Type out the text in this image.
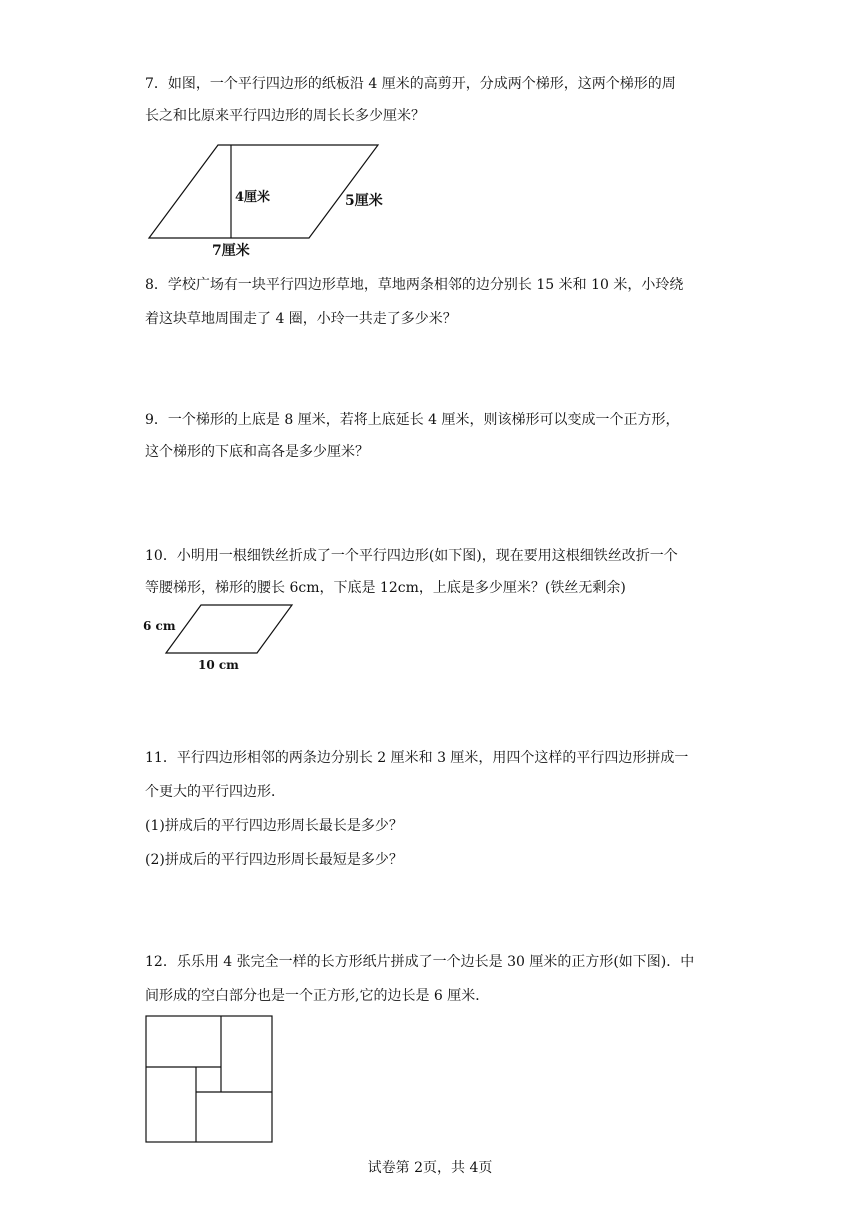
7．如图，一个平行四边形的纸板沿 4 厘米的高剪开，分成两个梯形，这两个梯形的周

长之和比原来平行四边形的周长长多少厘米？

4厘米	5厘米
7厘米

8．学校广场有一块平行四边形草地，草地两条相邻的边分别长 15 米和 10 米，小玲绕

着这块草地周围走了 4 圈，小玲一共走了多少米？

9．一个梯形的上底是 8 厘米，若将上底延长 4 厘米，则该梯形可以变成一个正方形，

这个梯形的下底和高各是多少厘米？

10．小明用一根细铁丝折成了一个平行四边形(如下图)，现在要用这根细铁丝改折一个

等腰梯形，梯形的腰长 6cm，下底是 12cm，上底是多少厘米？(铁丝无剩余)

6 cm
10 cm

11．平行四边形相邻的两条边分别长 2 厘米和 3 厘米，用四个这样的平行四边形拼成一

个更大的平行四边形．

(1)拼成后的平行四边形周长最长是多少？

(2)拼成后的平行四边形周长最短是多少？

12．乐乐用 4 张完全一样的长方形纸片拼成了一个边长是 30 厘米的正方形(如下图)．中

间形成的空白部分也是一个正方形,它的边长是 6 厘米．

试卷第 2页，共 4页
